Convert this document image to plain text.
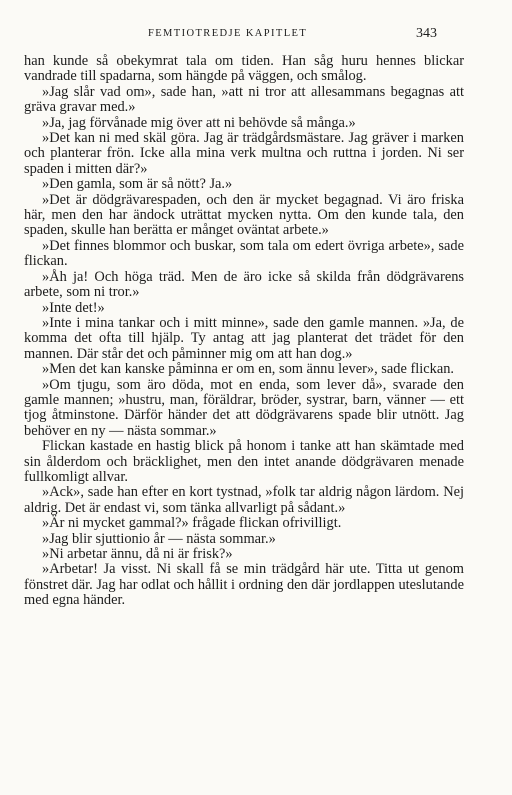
FEMTIOTREDJE KAPITLET	343

han kunde så obekymrat tala om tiden. Han såg huru hennes blickar vandrade till spadarna, som hängde på väggen, och smålog.

»Jag slår vad om», sade han, »att ni tror att allesammans begagnas att gräva gravar med.»

»Ja, jag förvånade mig över att ni behövde så många.»

»Det kan ni med skäl göra. Jag är trädgårdsmästare. Jag gräver i marken och planterar frön. Icke alla mina verk multna och ruttna i jorden. Ni ser spaden i mitten där?»

»Den gamla, som är så nött? Ja.»

»Det är dödgrävarespaden, och den är mycket begagnad. Vi äro friska här, men den har ändock uträttat mycken nytta. Om den kunde tala, den spaden, skulle han berätta er månget oväntat arbete.»

»Det finnes blommor och buskar, som tala om edert övriga arbete», sade flickan.

»Åh ja! Och höga träd. Men de äro icke så skilda från dödgrävarens arbete, som ni tror.»

»Inte det!»

»Inte i mina tankar och i mitt minne», sade den gamle mannen. »Ja, de komma det ofta till hjälp. Ty antag att jag planterat det trädet för den mannen. Där står det och påminner mig om att han dog.»

»Men det kan kanske påminna er om en, som ännu lever», sade flickan.

»Om tjugu, som äro döda, mot en enda, som lever då», svarade den gamle mannen; »hustru, man, föräldrar, bröder, systrar, barn, vänner — ett tjog åtminstone. Därför händer det att dödgrävarens spade blir utnött. Jag behöver en ny — nästa sommar.»

Flickan kastade en hastig blick på honom i tanke att han skämtade med sin ålderdom och bräcklighet, men den intet anande dödgrävaren menade fullkomligt allvar.

»Ack», sade han efter en kort tystnad, »folk tar aldrig någon lärdom. Nej aldrig. Det är endast vi, som tänka allvarligt på sådant.»

»Är ni mycket gammal?» frågade flickan ofrivilligt.

»Jag blir sjuttionio år — nästa sommar.»

»Ni arbetar ännu, då ni är frisk?»

»Arbetar! Ja visst. Ni skall få se min trädgård här ute. Titta ut genom fönstret där. Jag har odlat och hållit i ordning den där jordlappen uteslutande med egna händer.
